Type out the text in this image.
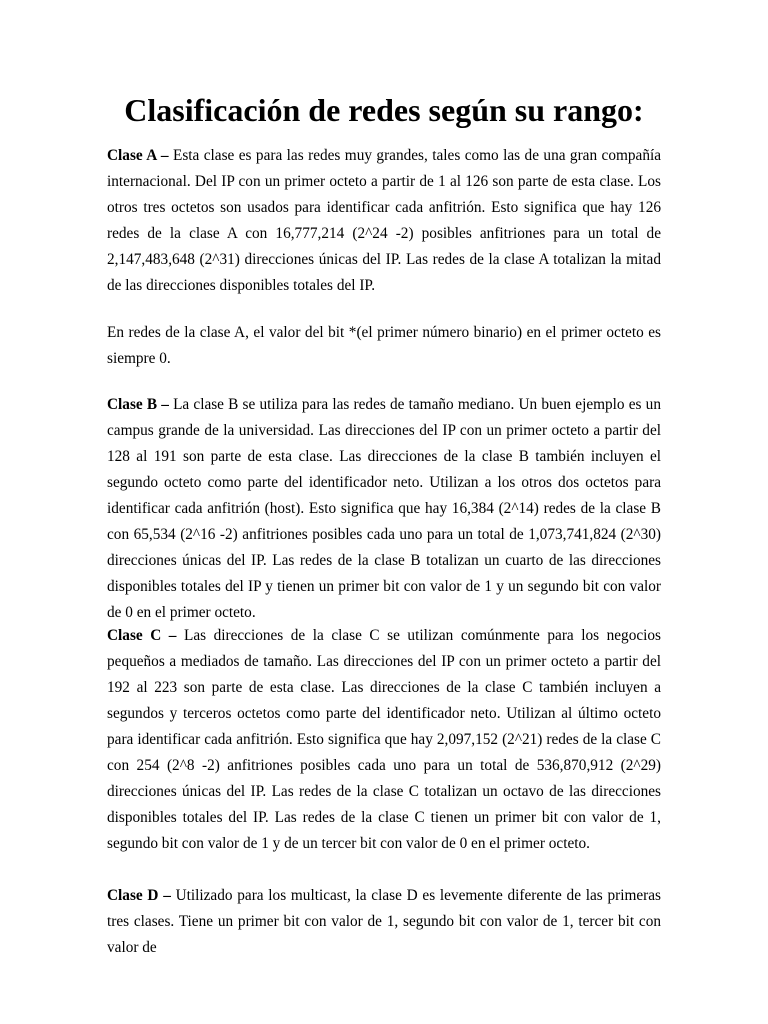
Clasificación de redes según su rango:

Clase A – Esta clase es para las redes muy grandes, tales como las de una gran compañía internacional. Del IP con un primer octeto a partir de 1 al 126 son parte de esta clase. Los otros tres octetos son usados para identificar cada anfitrión. Esto significa que hay 126 redes de la clase A con 16,777,214 (2^24 -2) posibles anfitriones para un total de 2,147,483,648 (2^31) direcciones únicas del IP. Las redes de la clase A totalizan la mitad de las direcciones disponibles totales del IP.

En redes de la clase A, el valor del bit *(el primer número binario) en el primer octeto es siempre 0.

Clase B – La clase B se utiliza para las redes de tamaño mediano. Un buen ejemplo es un campus grande de la universidad. Las direcciones del IP con un primer octeto a partir del 128 al 191 son parte de esta clase. Las direcciones de la clase B también incluyen el segundo octeto como parte del identificador neto. Utilizan a los otros dos octetos para identificar cada anfitrión (host). Esto significa que hay 16,384 (2^14) redes de la clase B con 65,534 (2^16 -2) anfitriones posibles cada uno para un total de 1,073,741,824 (2^30) direcciones únicas del IP. Las redes de la clase B totalizan un cuarto de las direcciones disponibles totales del IP y tienen un primer bit con valor de 1 y un segundo bit con valor de 0 en el primer octeto.

Clase C – Las direcciones de la clase C se utilizan comúnmente para los negocios pequeños a mediados de tamaño. Las direcciones del IP con un primer octeto a partir del 192 al 223 son parte de esta clase. Las direcciones de la clase C también incluyen a segundos y terceros octetos como parte del identificador neto. Utilizan al último octeto para identificar cada anfitrión. Esto significa que hay 2,097,152 (2^21) redes de la clase C con 254 (2^8 -2) anfitriones posibles cada uno para un total de 536,870,912 (2^29) direcciones únicas del IP. Las redes de la clase C totalizan un octavo de las direcciones disponibles totales del IP. Las redes de la clase C tienen un primer bit con valor de 1, segundo bit con valor de 1 y de un tercer bit con valor de 0 en el primer octeto.

Clase D – Utilizado para los multicast, la clase D es levemente diferente de las primeras tres clases. Tiene un primer bit con valor de 1, segundo bit con valor de 1, tercer bit con valor de
